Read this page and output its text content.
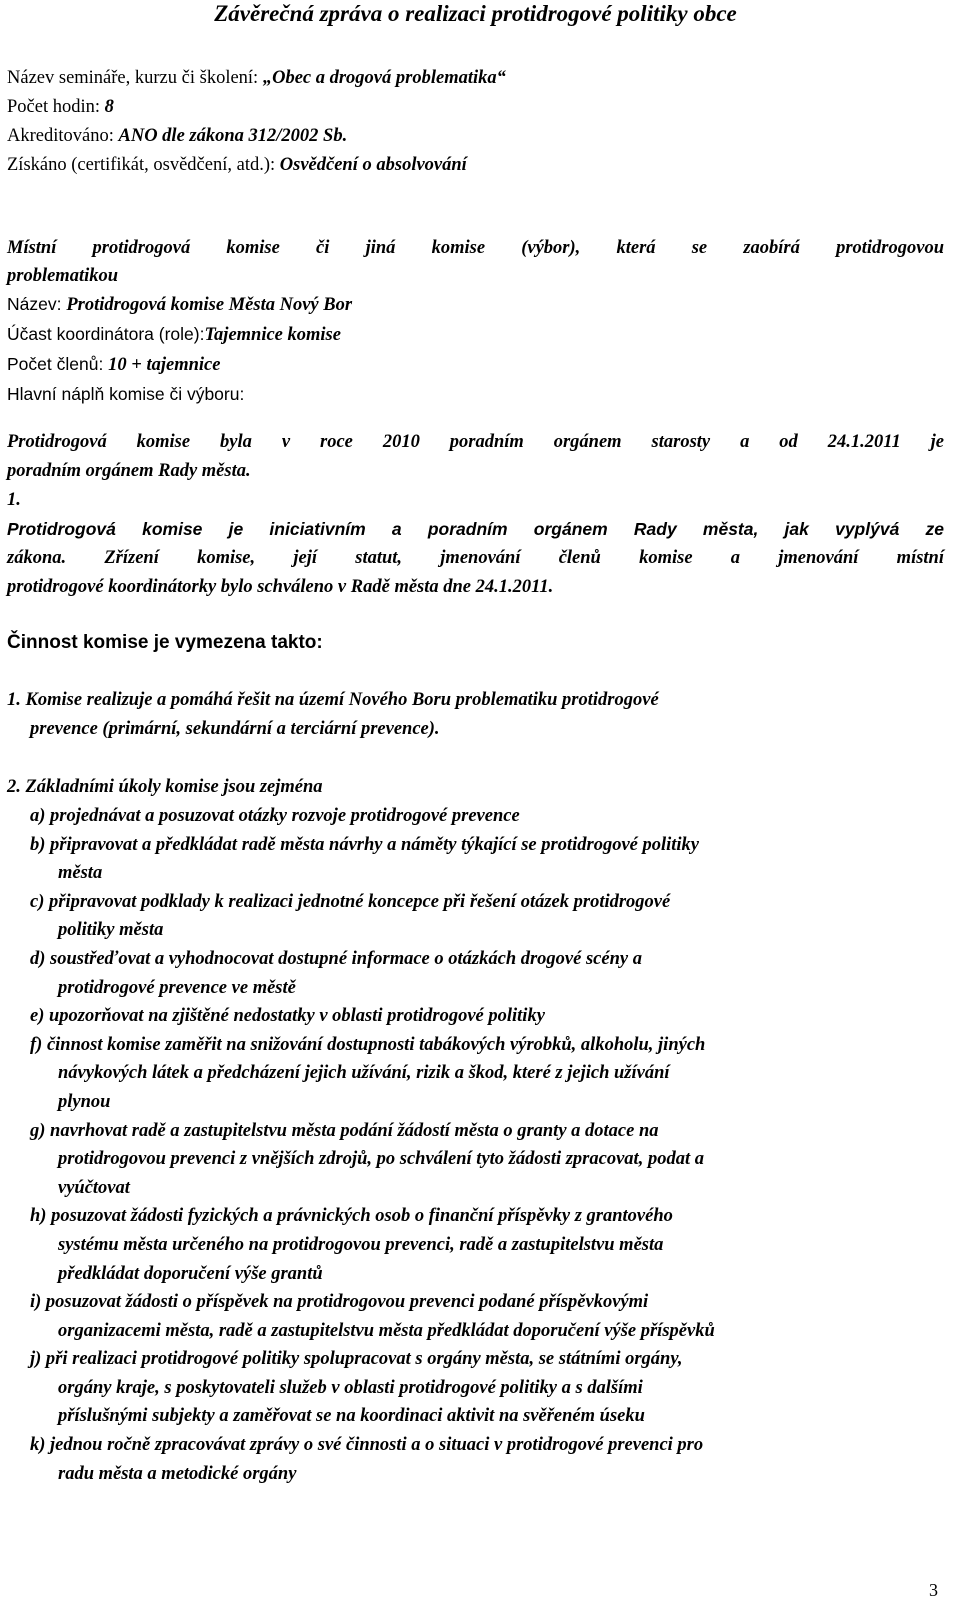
Závěrečná zpráva o realizaci protidrogové politiky obce
Název semináře, kurzu či školení: „Obec a drogová problematika“
Počet hodin: 8
Akreditováno: ANO dle zákona 312/2002 Sb.
Získáno (certifikát, osvědčení, atd.): Osvědčení o absolvování
Místní protidrogová komise či jiná komise (výbor), která se zaobírá protidrogovou
problematikou
Název: Protidrogová komise Města Nový Bor
Účast koordinátora (role):Tajemnice komise
Počet členů: 10 + tajemnice
Hlavní náplň komise či výboru:
Protidrogová komise byla v roce 2010 poradním orgánem starosty a od 24.1.2011 je
poradním orgánem Rady města.
1.
Protidrogová komise je iniciativním a poradním orgánem Rady města, jak vyplývá ze
zákona. Zřízení komise, její statut, jmenování členů komise a jmenování místní
protidrogové koordinátorky bylo schváleno v Radě města dne 24.1.2011.
Činnost komise je vymezena takto:
1. Komise realizuje a pomáhá řešit na území Nového Boru problematiku protidrogové
prevence (primární, sekundární a terciární prevence).
2. Základními úkoly komise jsou zejména
a) projednávat a posuzovat otázky rozvoje protidrogové prevence
b) připravovat a předkládat radě města návrhy a náměty týkající se protidrogové politiky
města
c) připravovat podklady k realizaci jednotné koncepce při řešení otázek protidrogové
politiky města
d) soustřeďovat a vyhodnocovat dostupné informace o otázkách drogové scény a
protidrogové prevence ve městě
e) upozorňovat na zjištěné nedostatky v oblasti protidrogové politiky
f) činnost komise zaměřit na snižování dostupnosti tabákových výrobků, alkoholu, jiných
návykových látek a předcházení jejich užívání, rizik a škod, které z jejich užívání
plynou
g) navrhovat radě a zastupitelstvu města podání žádostí města o granty a dotace na
protidrogovou prevenci z vnějších zdrojů, po schválení tyto žádosti zpracovat, podat a
vyúčtovat
h) posuzovat žádosti fyzických a právnických osob o finanční příspěvky z grantového
systému města určeného na protidrogovou prevenci, radě a zastupitelstvu města
předkládat doporučení výše grantů
i) posuzovat žádosti o příspěvek na protidrogovou prevenci podané příspěvkovými
organizacemi města, radě a zastupitelstvu města předkládat doporučení výše příspěvků
j) při realizaci protidrogové politiky spolupracovat s orgány města, se státními orgány,
orgány kraje, s poskytovateli služeb v oblasti protidrogové politiky a s dalšími
příslušnými subjekty a zaměřovat se na koordinaci aktivit na svěřeném úseku
k) jednou ročně zpracovávat zprávy o své činnosti a o situaci v protidrogové prevenci pro
radu města a metodické orgány
3
